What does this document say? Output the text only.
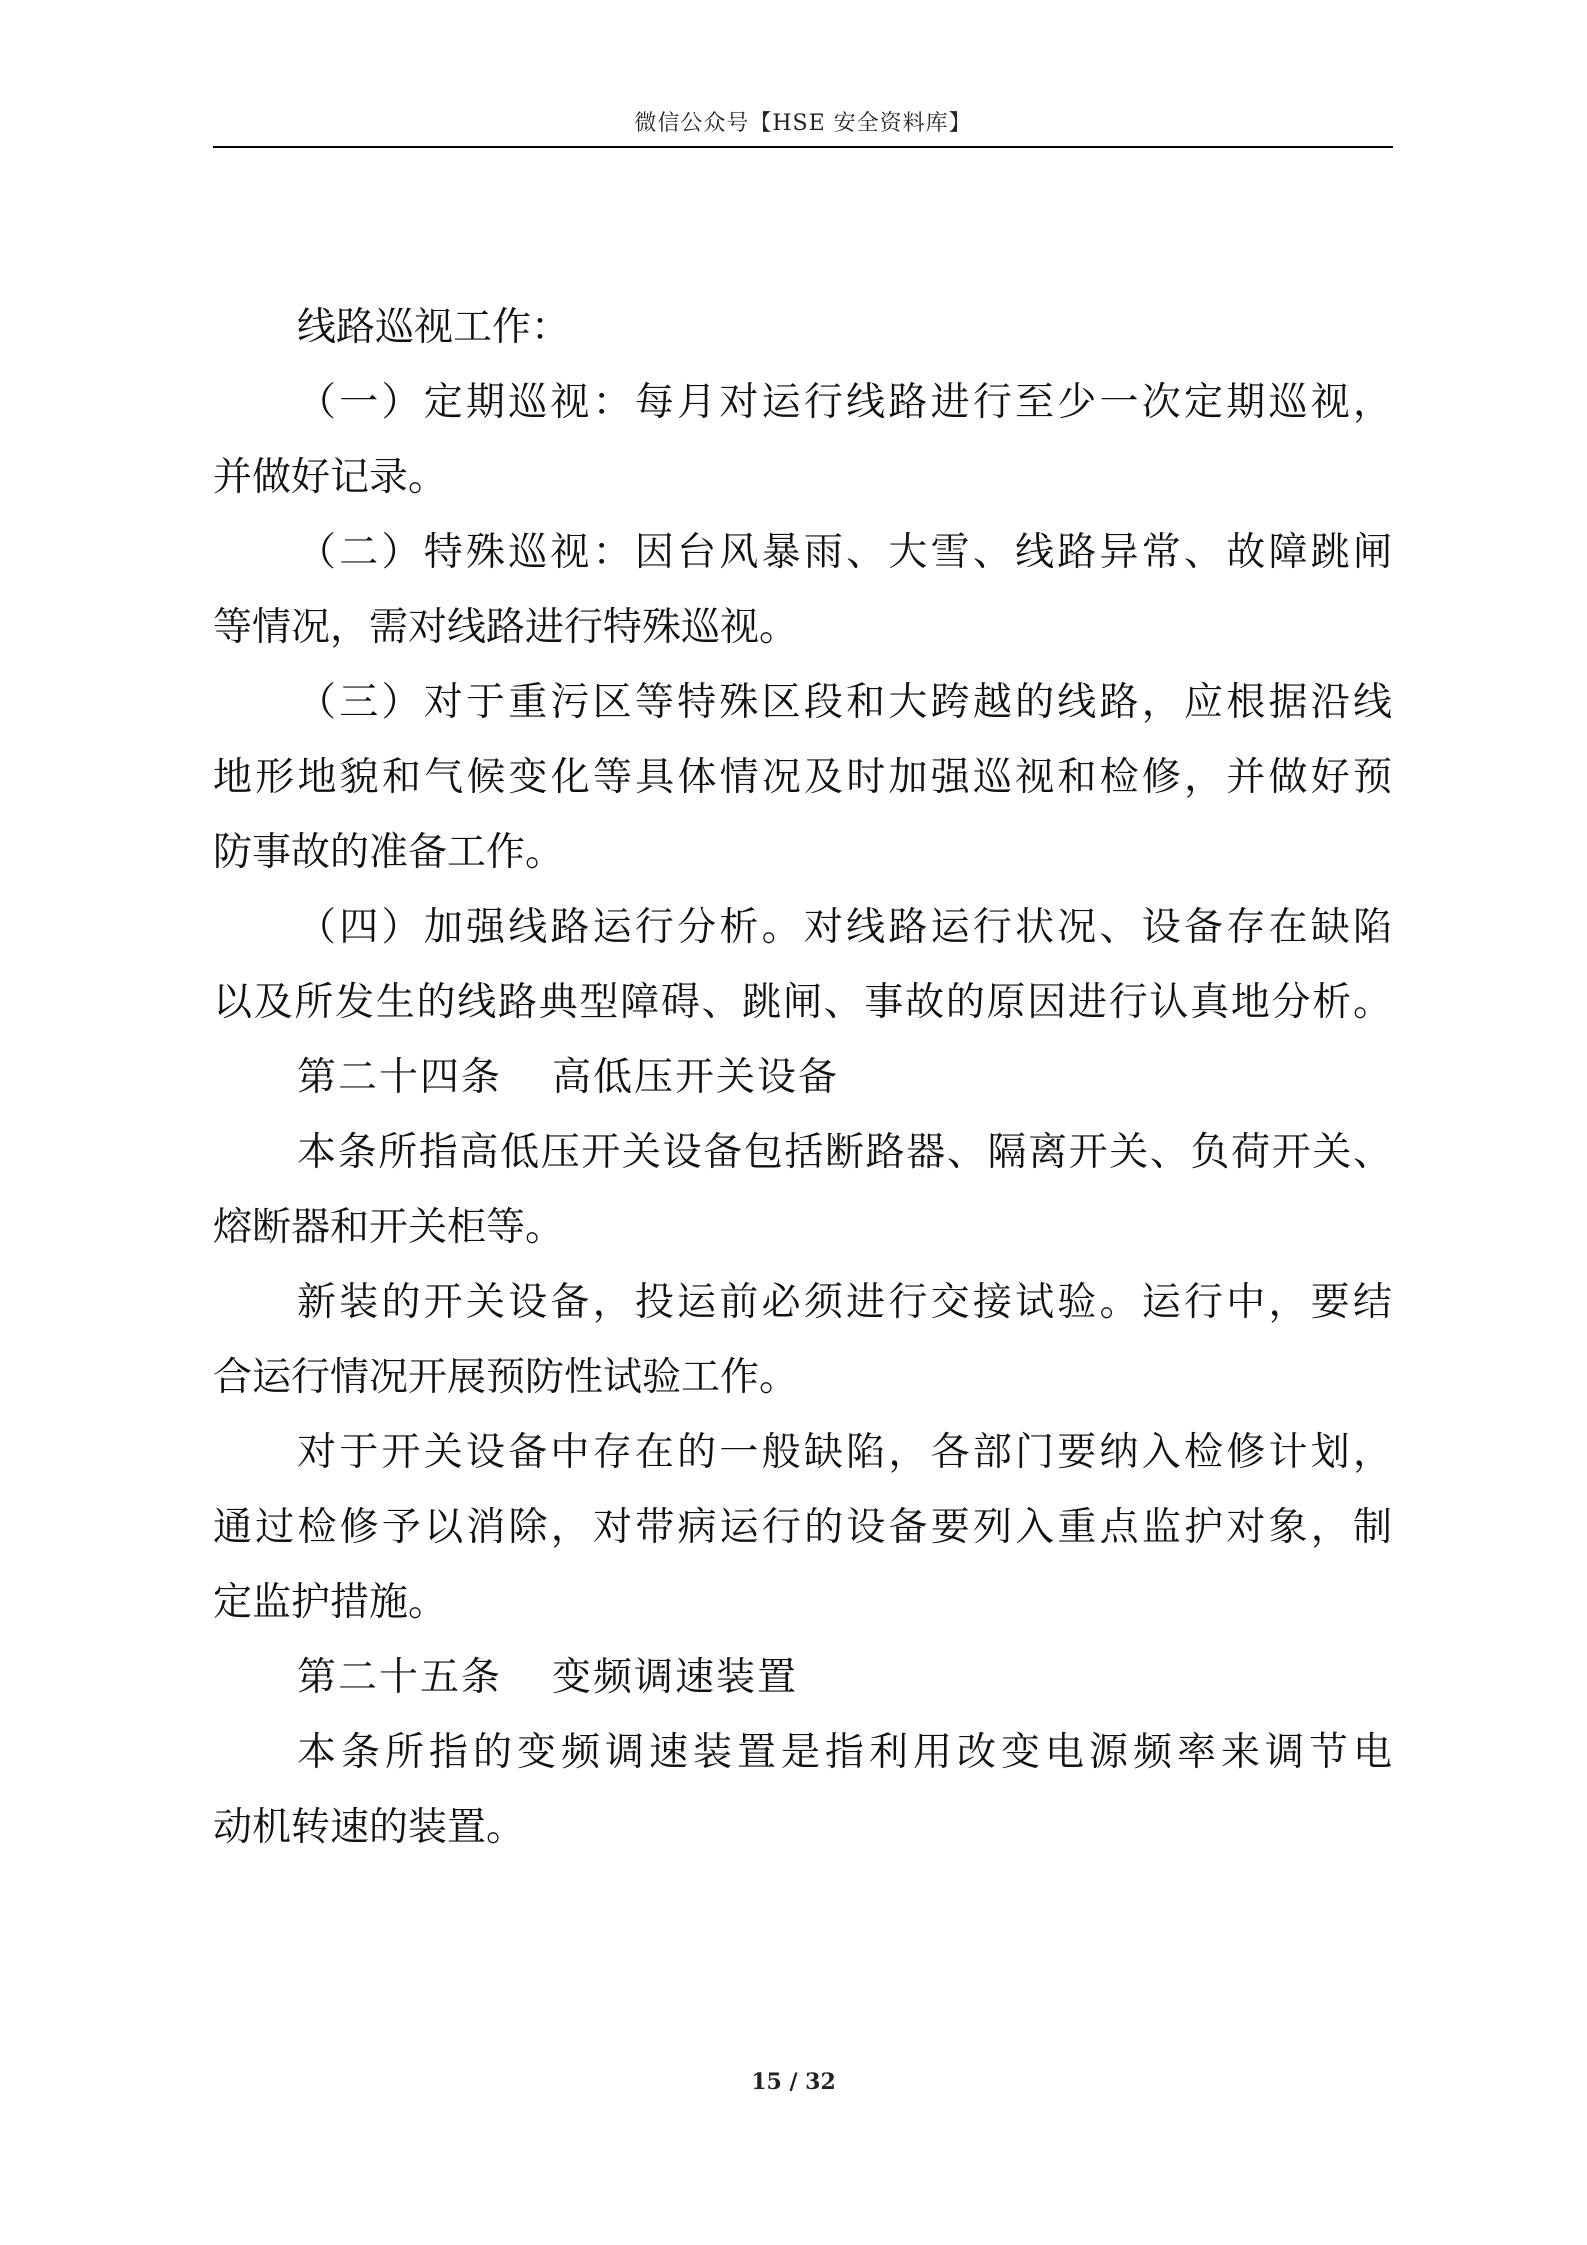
微信公众号【HSE 安全资料库】
线路巡视工作：
（一）定期巡视：每月对运行线路进行至少一次定期巡视，
并做好记录。
（二）特殊巡视：因台风暴雨、大雪、线路异常、故障跳闸
等情况，需对线路进行特殊巡视。
（三）对于重污区等特殊区段和大跨越的线路，应根据沿线
地形地貌和气候变化等具体情况及时加强巡视和检修，并做好预
防事故的准备工作。
（四）加强线路运行分析。对线路运行状况、设备存在缺陷
以及所发生的线路典型障碍、跳闸、事故的原因进行认真地分析。
第二十四条 高低压开关设备
本条所指高低压开关设备包括断路器、隔离开关、负荷开关、
熔断器和开关柜等。
新装的开关设备，投运前必须进行交接试验。运行中，要结
合运行情况开展预防性试验工作。
对于开关设备中存在的一般缺陷，各部门要纳入检修计划，
通过检修予以消除，对带病运行的设备要列入重点监护对象，制
定监护措施。
第二十五条 变频调速装置
本条所指的变频调速装置是指利用改变电源频率来调节电
动机转速的装置。
15 / 32
